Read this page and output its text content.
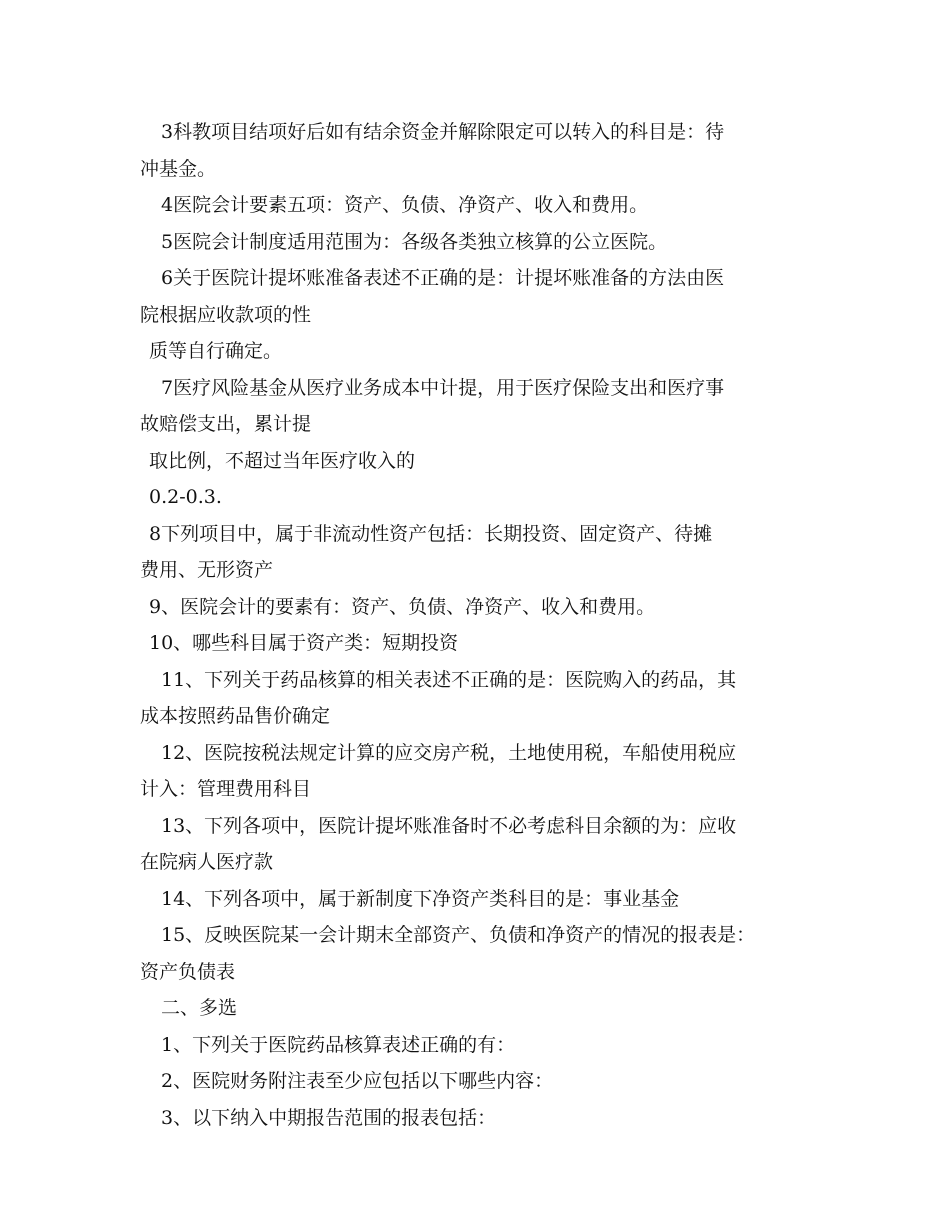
3科教项目结项好后如有结余资金并解除限定可以转入的科目是：待
冲基金。
4医院会计要素五项：资产、负债、净资产、收入和费用。
5医院会计制度适用范围为：各级各类独立核算的公立医院。
6关于医院计提坏账准备表述不正确的是：计提坏账准备的方法由医
院根据应收款项的性
质等自行确定。
7医疗风险基金从医疗业务成本中计提，用于医疗保险支出和医疗事
故赔偿支出，累计提
取比例，不超过当年医疗收入的
0.2-0.3.
8下列项目中，属于非流动性资产包括：长期投资、固定资产、待摊
费用、无形资产
9、医院会计的要素有：资产、负债、净资产、收入和费用。
10、哪些科目属于资产类：短期投资
11、下列关于药品核算的相关表述不正确的是：医院购入的药品，其
成本按照药品售价确定
12、医院按税法规定计算的应交房产税，土地使用税，车船使用税应
计入：管理费用科目
13、下列各项中，医院计提坏账准备时不必考虑科目余额的为：应收
在院病人医疗款
14、下列各项中，属于新制度下净资产类科目的是：事业基金
15、反映医院某一会计期末全部资产、负债和净资产的情况的报表是：
资产负债表
二、多选
1、下列关于医院药品核算表述正确的有：
2、医院财务附注表至少应包括以下哪些内容：
3、以下纳入中期报告范围的报表包括：
